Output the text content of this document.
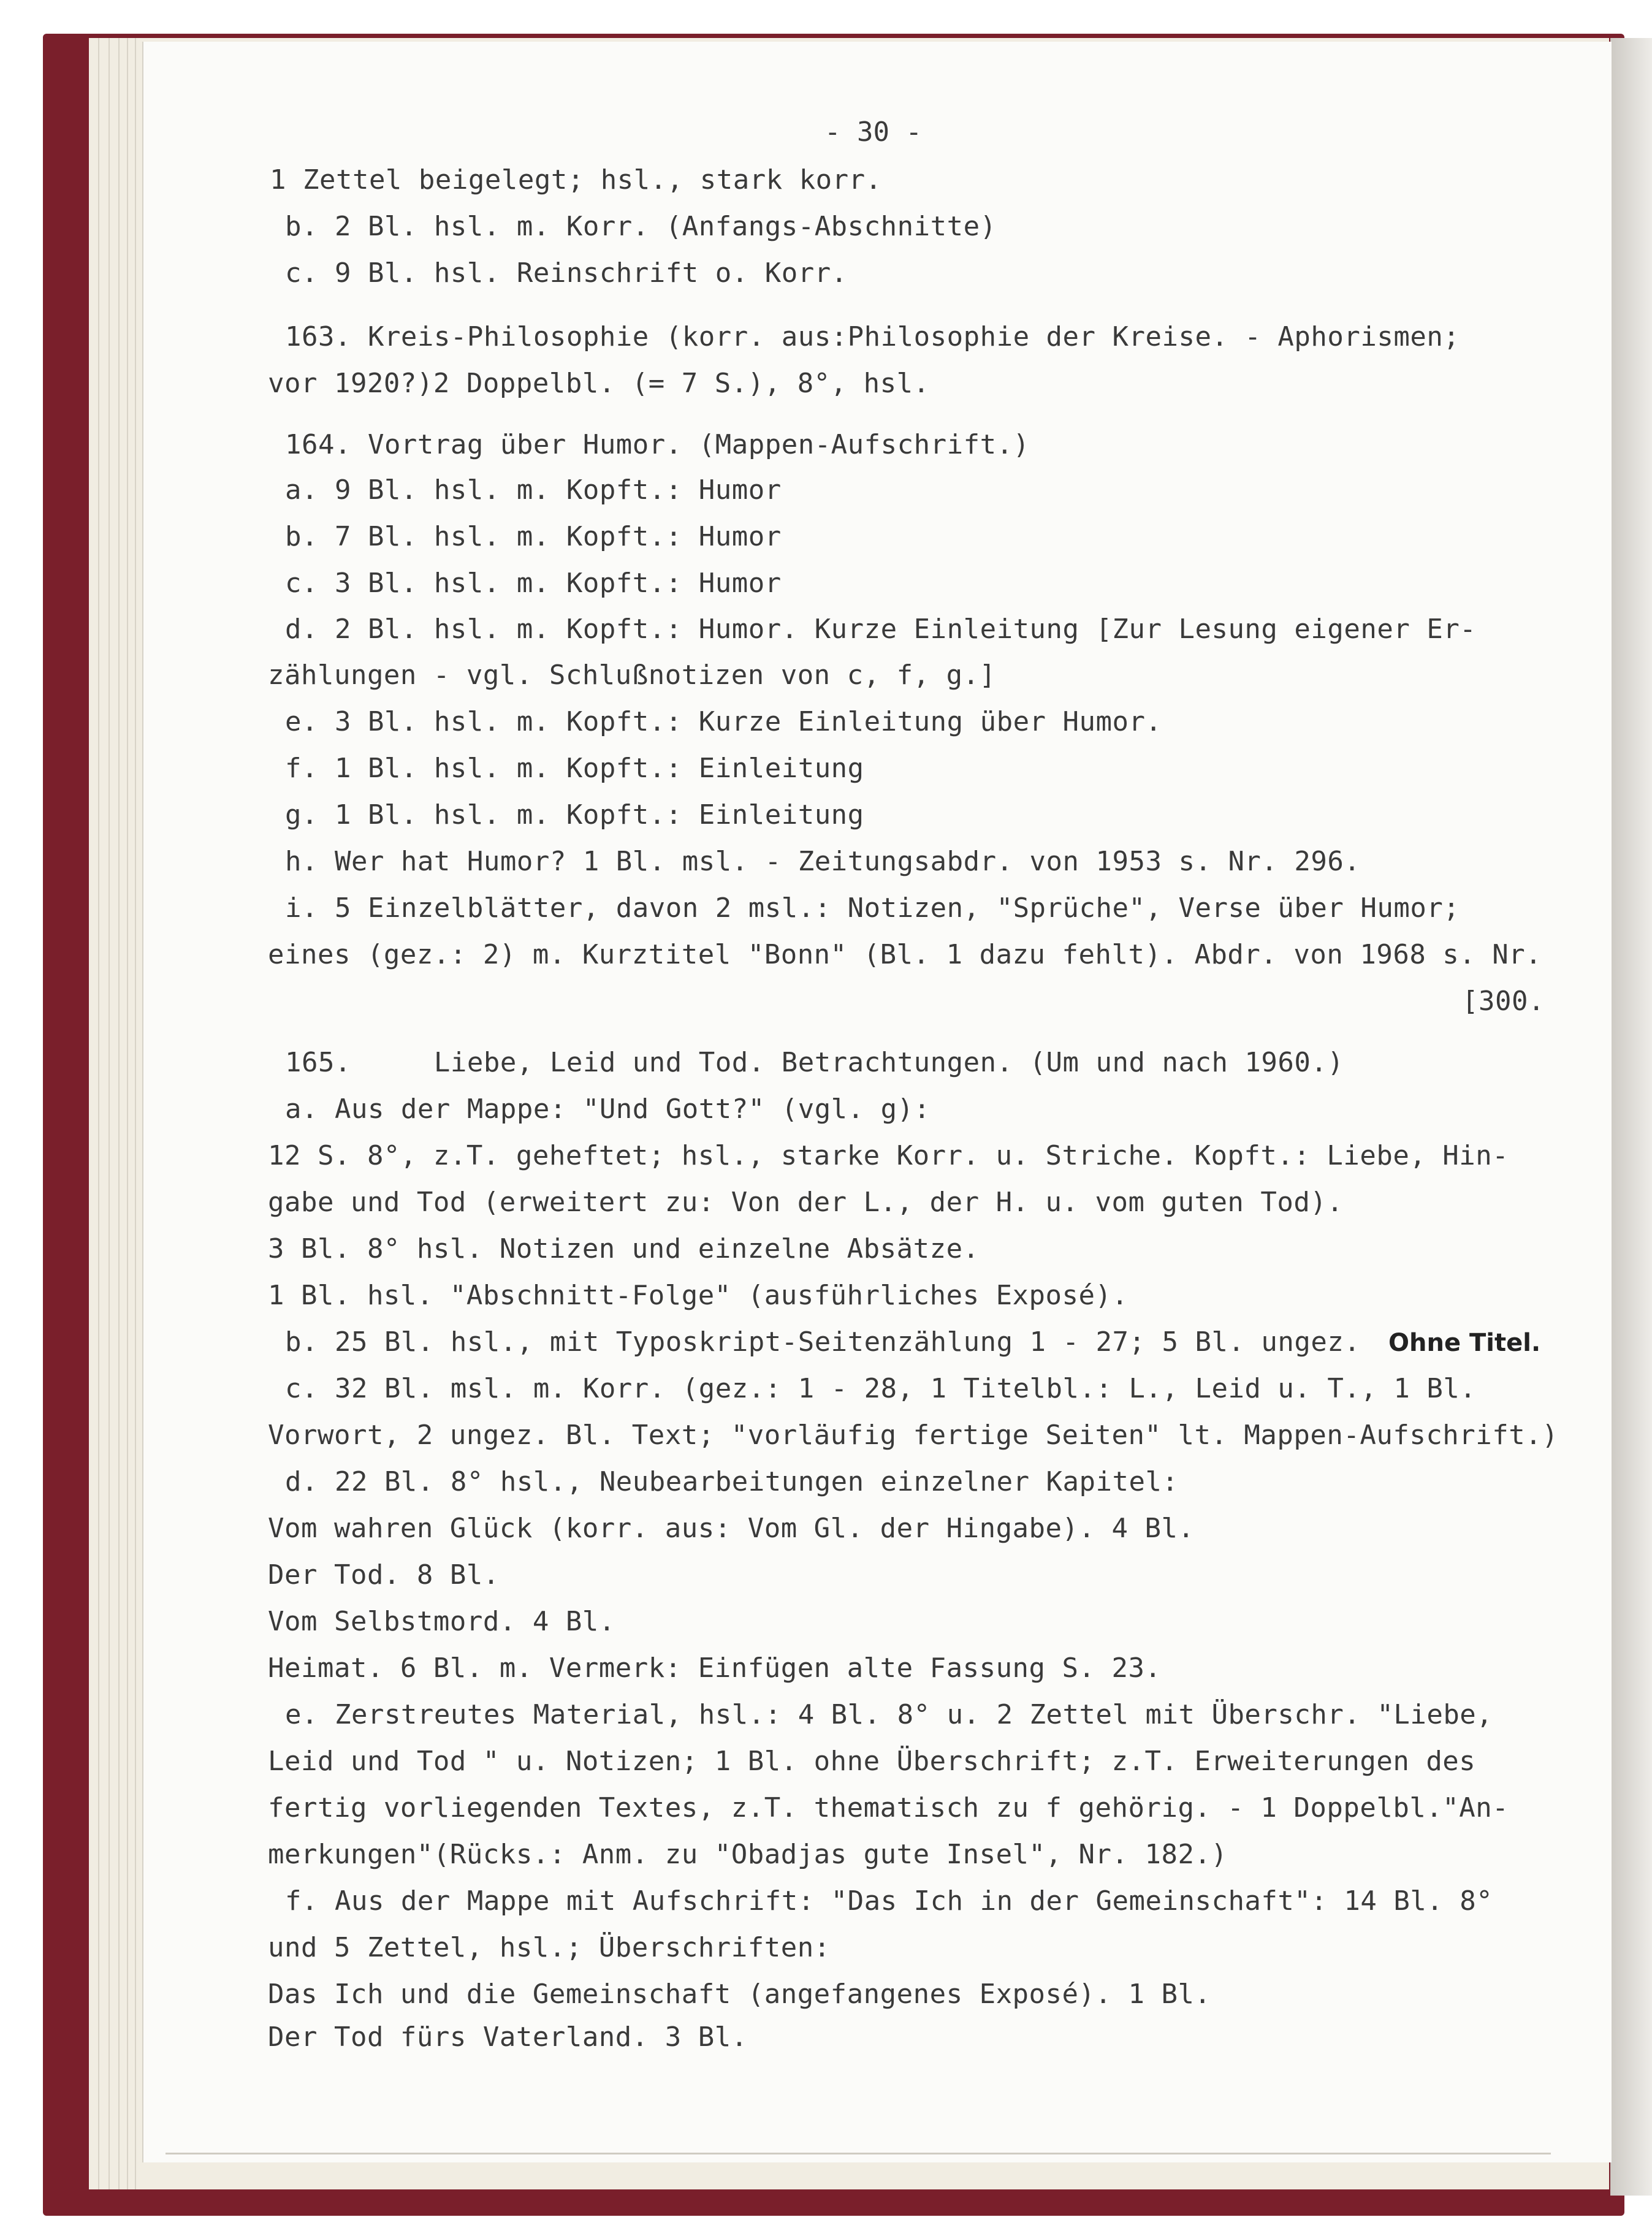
- 30 -
1 Zettel beigelegt; hsl., stark korr.
b. 2 Bl. hsl. m. Korr. (Anfangs-Abschnitte)
c. 9 Bl. hsl. Reinschrift o. Korr.
163. Kreis-Philosophie (korr. aus:Philosophie der Kreise. - Aphorismen;
vor 1920?)2 Doppelbl. (= 7 S.), 8°, hsl.
164. Vortrag über Humor. (Mappen-Aufschrift.)
a. 9 Bl. hsl. m. Kopft.: Humor
b. 7 Bl. hsl. m. Kopft.: Humor
c. 3 Bl. hsl. m. Kopft.: Humor
d. 2 Bl. hsl. m. Kopft.: Humor. Kurze Einleitung [Zur Lesung eigener Er-
zählungen - vgl. Schlußnotizen von c, f, g.]
e. 3 Bl. hsl. m. Kopft.: Kurze Einleitung über Humor.
f. 1 Bl. hsl. m. Kopft.: Einleitung
g. 1 Bl. hsl. m. Kopft.: Einleitung
h. Wer hat Humor? 1 Bl. msl. - Zeitungsabdr. von 1953 s. Nr. 296.
i. 5 Einzelblätter, davon 2 msl.: Notizen, "Sprüche", Verse über Humor;
eines (gez.: 2) m. Kurztitel "Bonn" (Bl. 1 dazu fehlt). Abdr. von 1968 s. Nr.
[300.
165.     Liebe, Leid und Tod. Betrachtungen. (Um und nach 1960.)
a. Aus der Mappe: "Und Gott?" (vgl. g):
12 S. 8°, z.T. geheftet; hsl., starke Korr. u. Striche. Kopft.: Liebe, Hin-
gabe und Tod (erweitert zu: Von der L., der H. u. vom guten Tod).
3 Bl. 8° hsl. Notizen und einzelne Absätze.
1 Bl. hsl. "Abschnitt-Folge" (ausführliches Exposé).
b. 25 Bl. hsl., mit Typoskript-Seitenzählung 1 - 27; 5 Bl. ungez.
c. 32 Bl. msl. m. Korr. (gez.: 1 - 28, 1 Titelbl.: L., Leid u. T., 1 Bl.
Vorwort, 2 ungez. Bl. Text; "vorläufig fertige Seiten" lt. Mappen-Aufschrift.)
d. 22 Bl. 8° hsl., Neubearbeitungen einzelner Kapitel:
Vom wahren Glück (korr. aus: Vom Gl. der Hingabe). 4 Bl.
Der Tod. 8 Bl.
Vom Selbstmord. 4 Bl.
Heimat. 6 Bl. m. Vermerk: Einfügen alte Fassung S. 23.
e. Zerstreutes Material, hsl.: 4 Bl. 8° u. 2 Zettel mit Überschr. "Liebe,
Leid und Tod " u. Notizen; 1 Bl. ohne Überschrift; z.T. Erweiterungen des
fertig vorliegenden Textes, z.T. thematisch zu f gehörig. - 1 Doppelbl."An-
merkungen"(Rücks.: Anm. zu "Obadjas gute Insel", Nr. 182.)
f. Aus der Mappe mit Aufschrift: "Das Ich in der Gemeinschaft": 14 Bl. 8°
und 5 Zettel, hsl.; Überschriften:
Das Ich und die Gemeinschaft (angefangenes Exposé). 1 Bl.
Der Tod fürs Vaterland. 3 Bl.
Ohne Titel.
